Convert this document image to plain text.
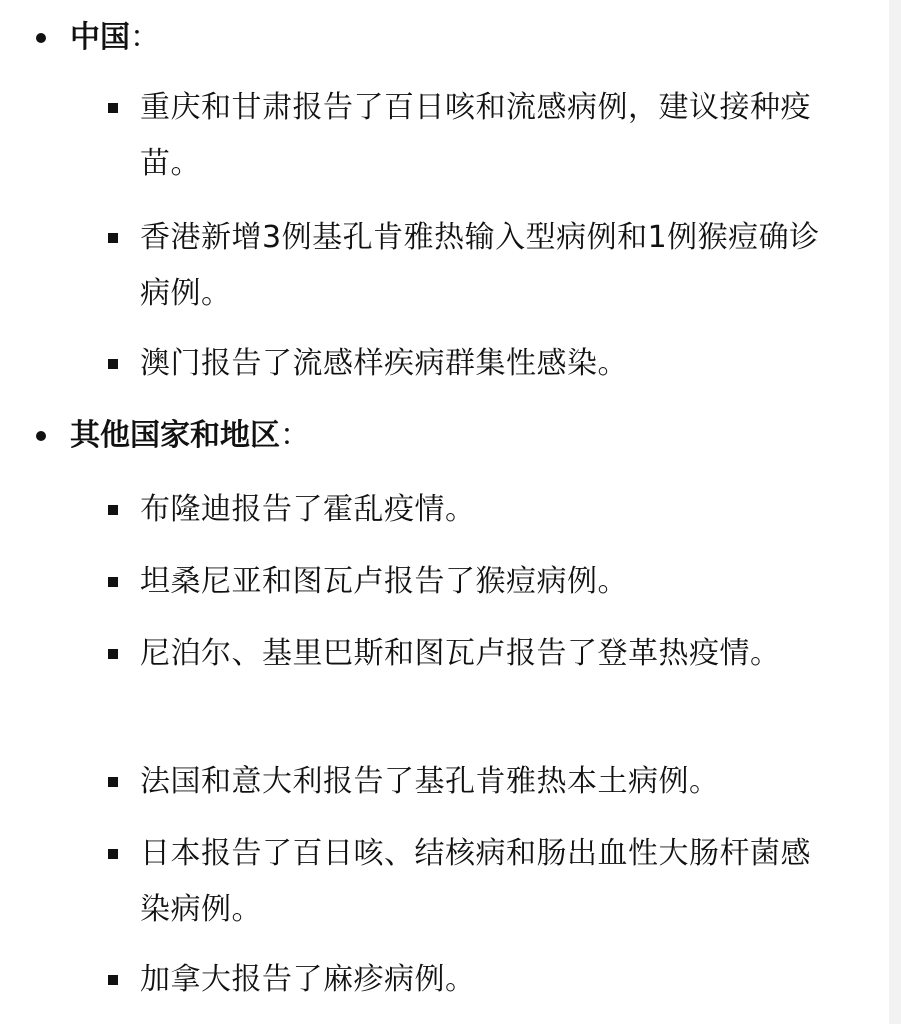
中国：
重庆和甘肃报告了百日咳和流感病例，建议接种疫苗。
香港新增3例基孔肯雅热输入型病例和1例猴痘确诊病例。
澳门报告了流感样疾病群集性感染。
其他国家和地区：
布隆迪报告了霍乱疫情。
坦桑尼亚和图瓦卢报告了猴痘病例。
尼泊尔、基里巴斯和图瓦卢报告了登革热疫情。
法国和意大利报告了基孔肯雅热本土病例。
日本报告了百日咳、结核病和肠出血性大肠杆菌感染病例。
加拿大报告了麻疹病例。
